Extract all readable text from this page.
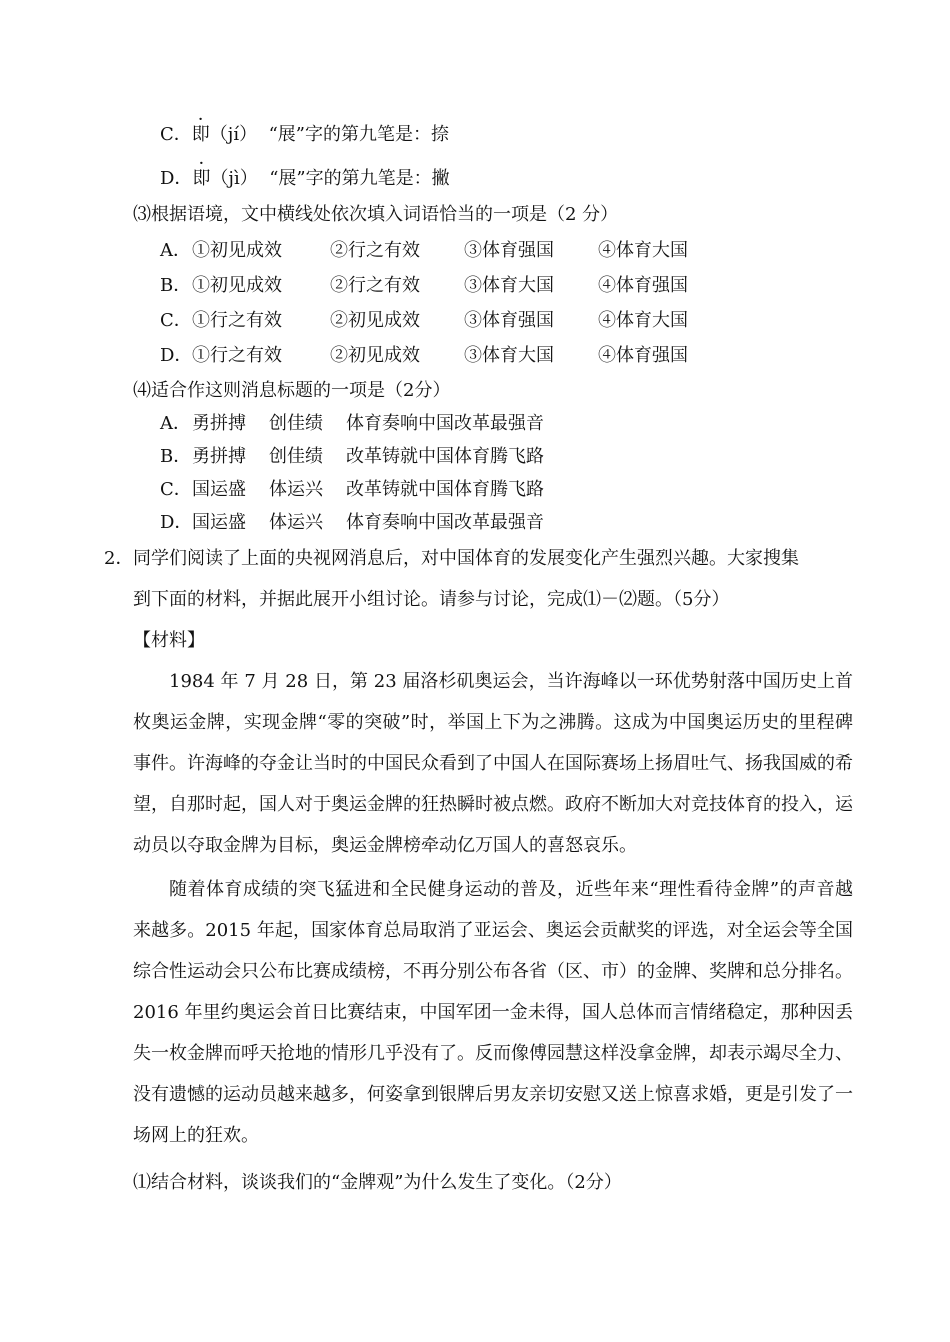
C．即（jí） “展”字的第九笔是：捺
D．即（jì） “展”字的第九笔是：撇
⑶根据语境，文中横线处依次填入词语恰当的一项是（2 分）
A．①初见成效	②行之有效 ③体育强国 ④体育大国
B．①初见成效	②行之有效 ③体育大国 ④体育强国
C．①行之有效	②初见成效 ③体育强国 ④体育大国
D．①行之有效	②初见成效 ③体育大国 ④体育强国
⑷适合作这则消息标题的一项是（2分）
A．勇拼搏 创佳绩 体育奏响中国改革最强音
B．勇拼搏 创佳绩 改革铸就中国体育腾飞路
C．国运盛 体运兴 改革铸就中国体育腾飞路
D．国运盛 体运兴 体育奏响中国改革最强音
2． 同学们阅读了上面的央视网消息后，对中国体育的发展变化产生强烈兴趣。大家搜集
到下面的材料，并据此展开小组讨论。请参与讨论，完成⑴－⑵题。（5分）
【材料】
1984 年 7 月 28 日，第 23 届洛杉矶奥运会，当许海峰以一环优势射落中国历史上首枚奥运金牌，实现金牌“零的突破”时，举国上下为之沸腾。这成为中国奥运历史的里程碑事件。许海峰的夺金让当时的中国民众看到了中国人在国际赛场上扬眉吐气、扬我国威的希望，自那时起，国人对于奥运金牌的狂热瞬时被点燃。政府不断加大对竞技体育的投入，运动员以夺取金牌为目标，奥运金牌榜牵动亿万国人的喜怒哀乐。
随着体育成绩的突飞猛进和全民健身运动的普及，近些年来“理性看待金牌”的声音越来越多。2015 年起，国家体育总局取消了亚运会、奥运会贡献奖的评选，对全运会等全国综合性运动会只公布比赛成绩榜，不再分别公布各省（区、市）的金牌、奖牌和总分排名。2016 年里约奥运会首日比赛结束，中国军团一金未得，国人总体而言情绪稳定，那种因丢失一枚金牌而呼天抢地的情形几乎没有了。反而像傅园慧这样没拿金牌，却表示竭尽全力、没有遗憾的运动员越来越多，何姿拿到银牌后男友亲切安慰又送上惊喜求婚，更是引发了一场网上的狂欢。
⑴结合材料，谈谈我们的“金牌观”为什么发生了变化。（2分）
